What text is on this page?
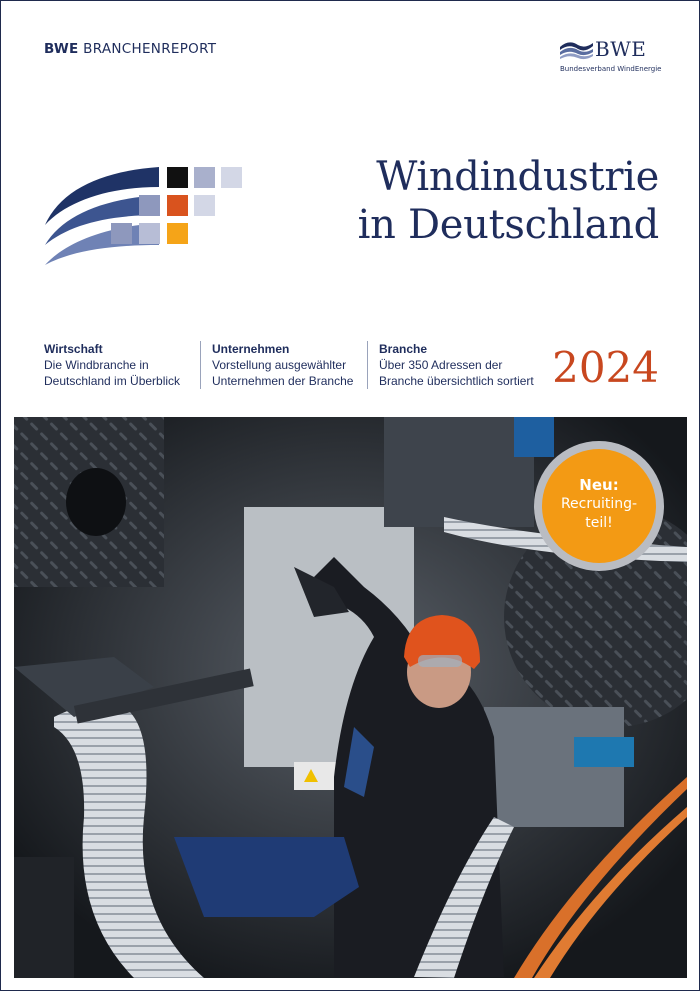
BWE BRANCHENREPORT	BWE
Bundesverband WindEnergie
Windindustrie
in Deutschland
Wirtschaft
Die Windbranche in
Deutschland im Überblick
Unternehmen
Vorstellung ausgewählter
Unternehmen der Branche
Branche
Über 350 Adressen der
Branche übersichtlich sortiert 2024
Neu:
Recruiting-
teil!
